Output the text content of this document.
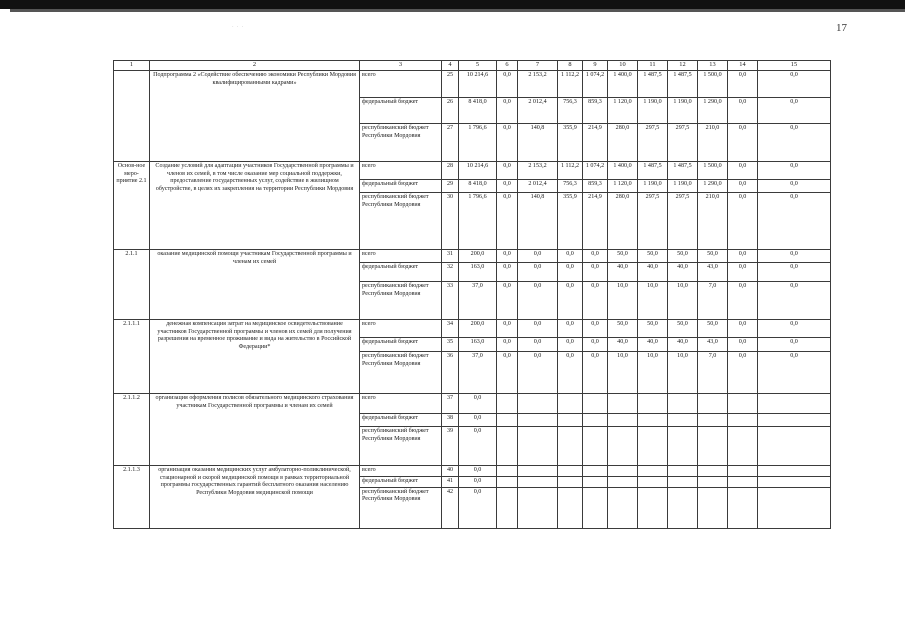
· · ·	17
1	2	3	4	5	6	7	8	9	10	11	12	13	14	15
	Подпрограмма 2 «Содействие обеспечению экономики Республики Мордовия квалифицированными кадрами»	всего	25	10 214,6	0,0	2 153,2	1 112,2	1 074,2	1 400,0	1 487,5	1 487,5	1 500,0	0,0	0,0
		федеральный бюджет	26	8 418,0	0,0	2 012,4	756,3	859,3	1 120,0	1 190,0	1 190,0	1 290,0	0,0	0,0
		республиканский бюджет Республики Мордовия	27	1 796,6	0,0	140,8	355,9	214,9	280,0	297,5	297,5	210,0	0,0	0,0
Основ-ное меро-приятие 2.1	Создание условий для адаптации участников Государственной программы и членов их семей, в том числе оказание мер социальной поддержки, предоставление государственных услуг, содействие в жилищном обустройстве, в целях их закрепления на территории Республики Мордовия	всего	28	10 214,6	0,0	2 153,2	1 112,2	1 074,2	1 400,0	1 487,5	1 487,5	1 500,0	0,0	0,0
		федеральный бюджет	29	8 418,0	0,0	2 012,4	756,3	859,3	1 120,0	1 190,0	1 190,0	1 290,0	0,0	0,0
		республиканский бюджет Республики Мордовия	30	1 796,6	0,0	140,8	355,9	214,9	280,0	297,5	297,5	210,0	0,0	0,0
2.1.1	оказание медицинской помощи участникам Государственной программы и членам их семей	всего	31	200,0	0,0	0,0	0,0	0,0	50,0	50,0	50,0	50,0	0,0	0,0
		федеральный бюджет	32	163,0	0,0	0,0	0,0	0,0	40,0	40,0	40,0	43,0	0,0	0,0
		республиканский бюджет Республики Мордовия	33	37,0	0,0	0,0	0,0	0,0	10,0	10,0	10,0	7,0	0,0	0,0
2.1.1.1	денежная компенсация затрат на медицинское освидетельствование участников Государственной программы и членов их семей для получения разрешения на временное проживание и вида на жительство в Российской Федерации*	всего	34	200,0	0,0	0,0	0,0	0,0	50,0	50,0	50,0	50,0	0,0	0,0
		федеральный бюджет	35	163,0	0,0	0,0	0,0	0,0	40,0	40,0	40,0	43,0	0,0	0,0
		республиканский бюджет Республики Мордовия	36	37,0	0,0	0,0	0,0	0,0	10,0	10,0	10,0	7,0	0,0	0,0
2.1.1.2	организация оформления полисов обязательного медицинского страхования участникам Государственной программы и членам их семей	всего	37	0,0										
		федеральный бюджет	38	0,0										
		республиканский бюджет Республики Мордовия	39	0,0										
2.1.1.3	организация оказания медицинских услуг амбулаторно-поликлинической, стационарной и скорой медицинской помощи в рамках территориальной программы государственных гарантий бесплатного оказания населению Республики Мордовия медицинской помощи	всего	40	0,0										
		федеральный бюджет	41	0,0										
		республиканский бюджет Республики Мордовия	42	0,0										
